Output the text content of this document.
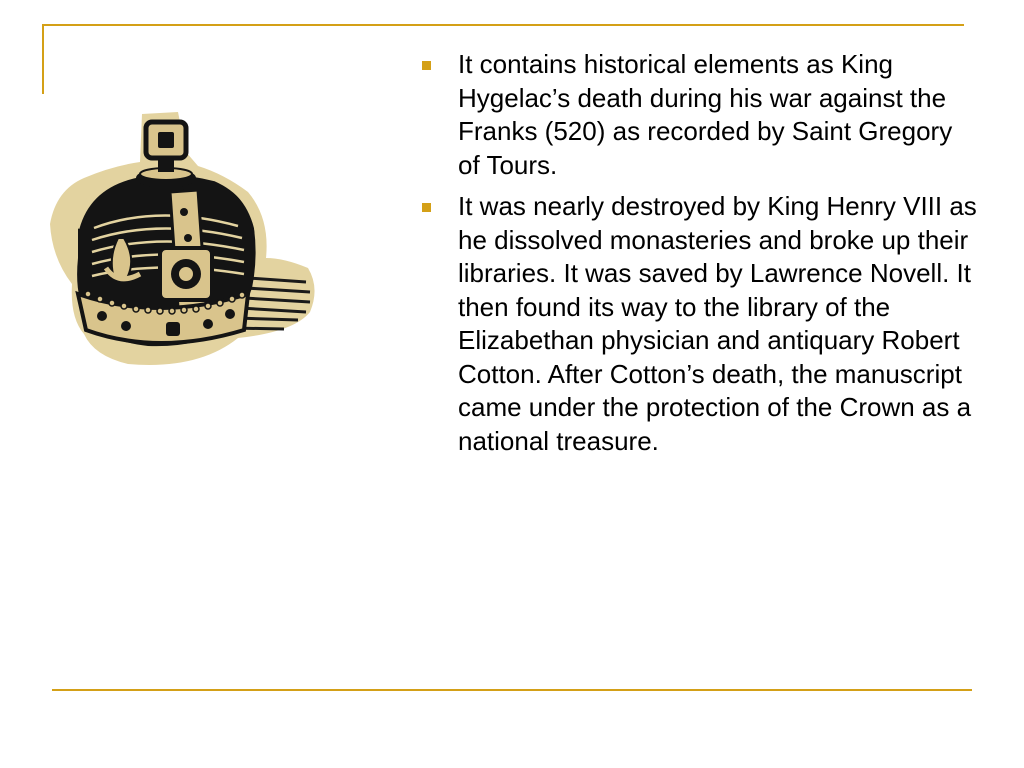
It contains historical elements as King Hygelac’s death during his war against the Franks (520) as recorded by Saint Gregory of Tours.
It was nearly destroyed by King Henry VIII as he dissolved monasteries and broke up their libraries. It was saved by Lawrence Novell. It then found its way to the library of the Elizabethan physician and antiquary Robert Cotton. After Cotton’s death, the manuscript came under the protection of the Crown as a national treasure.
